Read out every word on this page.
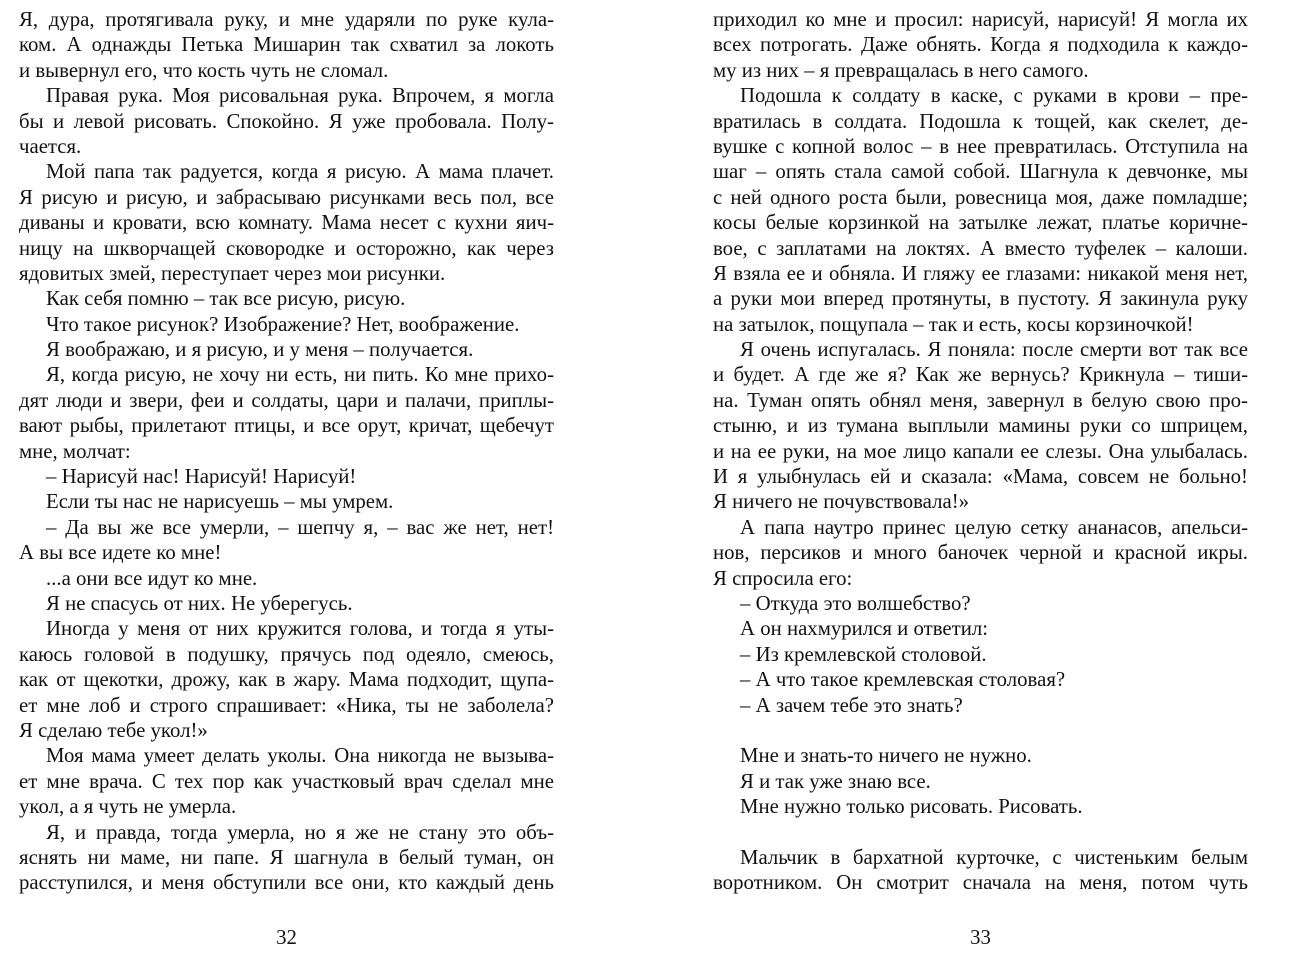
Я, дура, протягивала руку, и мне ударяли по руке кула-
ком. А однажды Петька Мишарин так схватил за локоть
и вывернул его, что кость чуть не сломал.
Правая рука. Моя рисовальная рука. Впрочем, я могла
бы и левой рисовать. Спокойно. Я уже пробовала. Полу-
чается.
Мой папа так радуется, когда я рисую. А мама плачет.
Я рисую и рисую, и забрасываю рисунками весь пол, все
диваны и кровати, всю комнату. Мама несет с кухни яич-
ницу на шкворчащей сковородке и осторожно, как через
ядовитых змей, переступает через мои рисунки.
Как себя помню – так все рисую, рисую.
Что такое рисунок? Изображение? Нет, воображение.
Я воображаю, и я рисую, и у меня – получается.
Я, когда рисую, не хочу ни есть, ни пить. Ко мне прихо-
дят люди и звери, феи и солдаты, цари и палачи, приплы-
вают рыбы, прилетают птицы, и все орут, кричат, щебечут
мне, молчат:
– Нарисуй нас! Нарисуй! Нарисуй!
Если ты нас не нарисуешь – мы умрем.
– Да вы же все умерли, – шепчу я, – вас же нет, нет!
А вы все идете ко мне!
...а они все идут ко мне.
Я не спасусь от них. Не уберегусь.
Иногда у меня от них кружится голова, и тогда я уты-
каюсь головой в подушку, прячусь под одеяло, смеюсь,
как от щекотки, дрожу, как в жару. Мама подходит, щупа-
ет мне лоб и строго спрашивает: «Ника, ты не заболела?
Я сделаю тебе укол!»
Моя мама умеет делать уколы. Она никогда не вызыва-
ет мне врача. С тех пор как участковый врач сделал мне
укол, а я чуть не умерла.
Я, и правда, тогда умерла, но я же не стану это объ-
яснять ни маме, ни папе. Я шагнула в белый туман, он
расступился, и меня обступили все они, кто каждый день
32
приходил ко мне и просил: нарисуй, нарисуй! Я могла их
всех потрогать. Даже обнять. Когда я подходила к каждо-
му из них – я превращалась в него самого.
Подошла к солдату в каске, с руками в крови – пре-
вратилась в солдата. Подошла к тощей, как скелет, де-
вушке с копной волос – в нее превратилась. Отступила на
шаг – опять стала самой собой. Шагнула к девчонке, мы
с ней одного роста были, ровесница моя, даже помладше;
косы белые корзинкой на затылке лежат, платье коричне-
вое, с заплатами на локтях. А вместо туфелек – калоши.
Я взяла ее и обняла. И гляжу ее глазами: никакой меня нет,
а руки мои вперед протянуты, в пустоту. Я закинула руку
на затылок, пощупала – так и есть, косы корзиночкой!
Я очень испугалась. Я поняла: после смерти вот так все
и будет. А где же я? Как же вернусь? Крикнула – тиши-
на. Туман опять обнял меня, завернул в белую свою про-
стыню, и из тумана выплыли мамины руки со шприцем,
и на ее руки, на мое лицо капали ее слезы. Она улыбалась.
И я улыбнулась ей и сказала: «Мама, совсем не больно!
Я ничего не почувствовала!»
А папа наутро принес целую сетку ананасов, апельси-
нов, персиков и много баночек черной и красной икры.
Я спросила его:
– Откуда это волшебство?
А он нахмурился и ответил:
– Из кремлевской столовой.
– А что такое кремлевская столовая?
– А зачем тебе это знать?
Мне и знать-то ничего не нужно.
Я и так уже знаю все.
Мне нужно только рисовать. Рисовать.
Мальчик в бархатной курточке, с чистеньким белым
воротником. Он смотрит сначала на меня, потом чуть
33
